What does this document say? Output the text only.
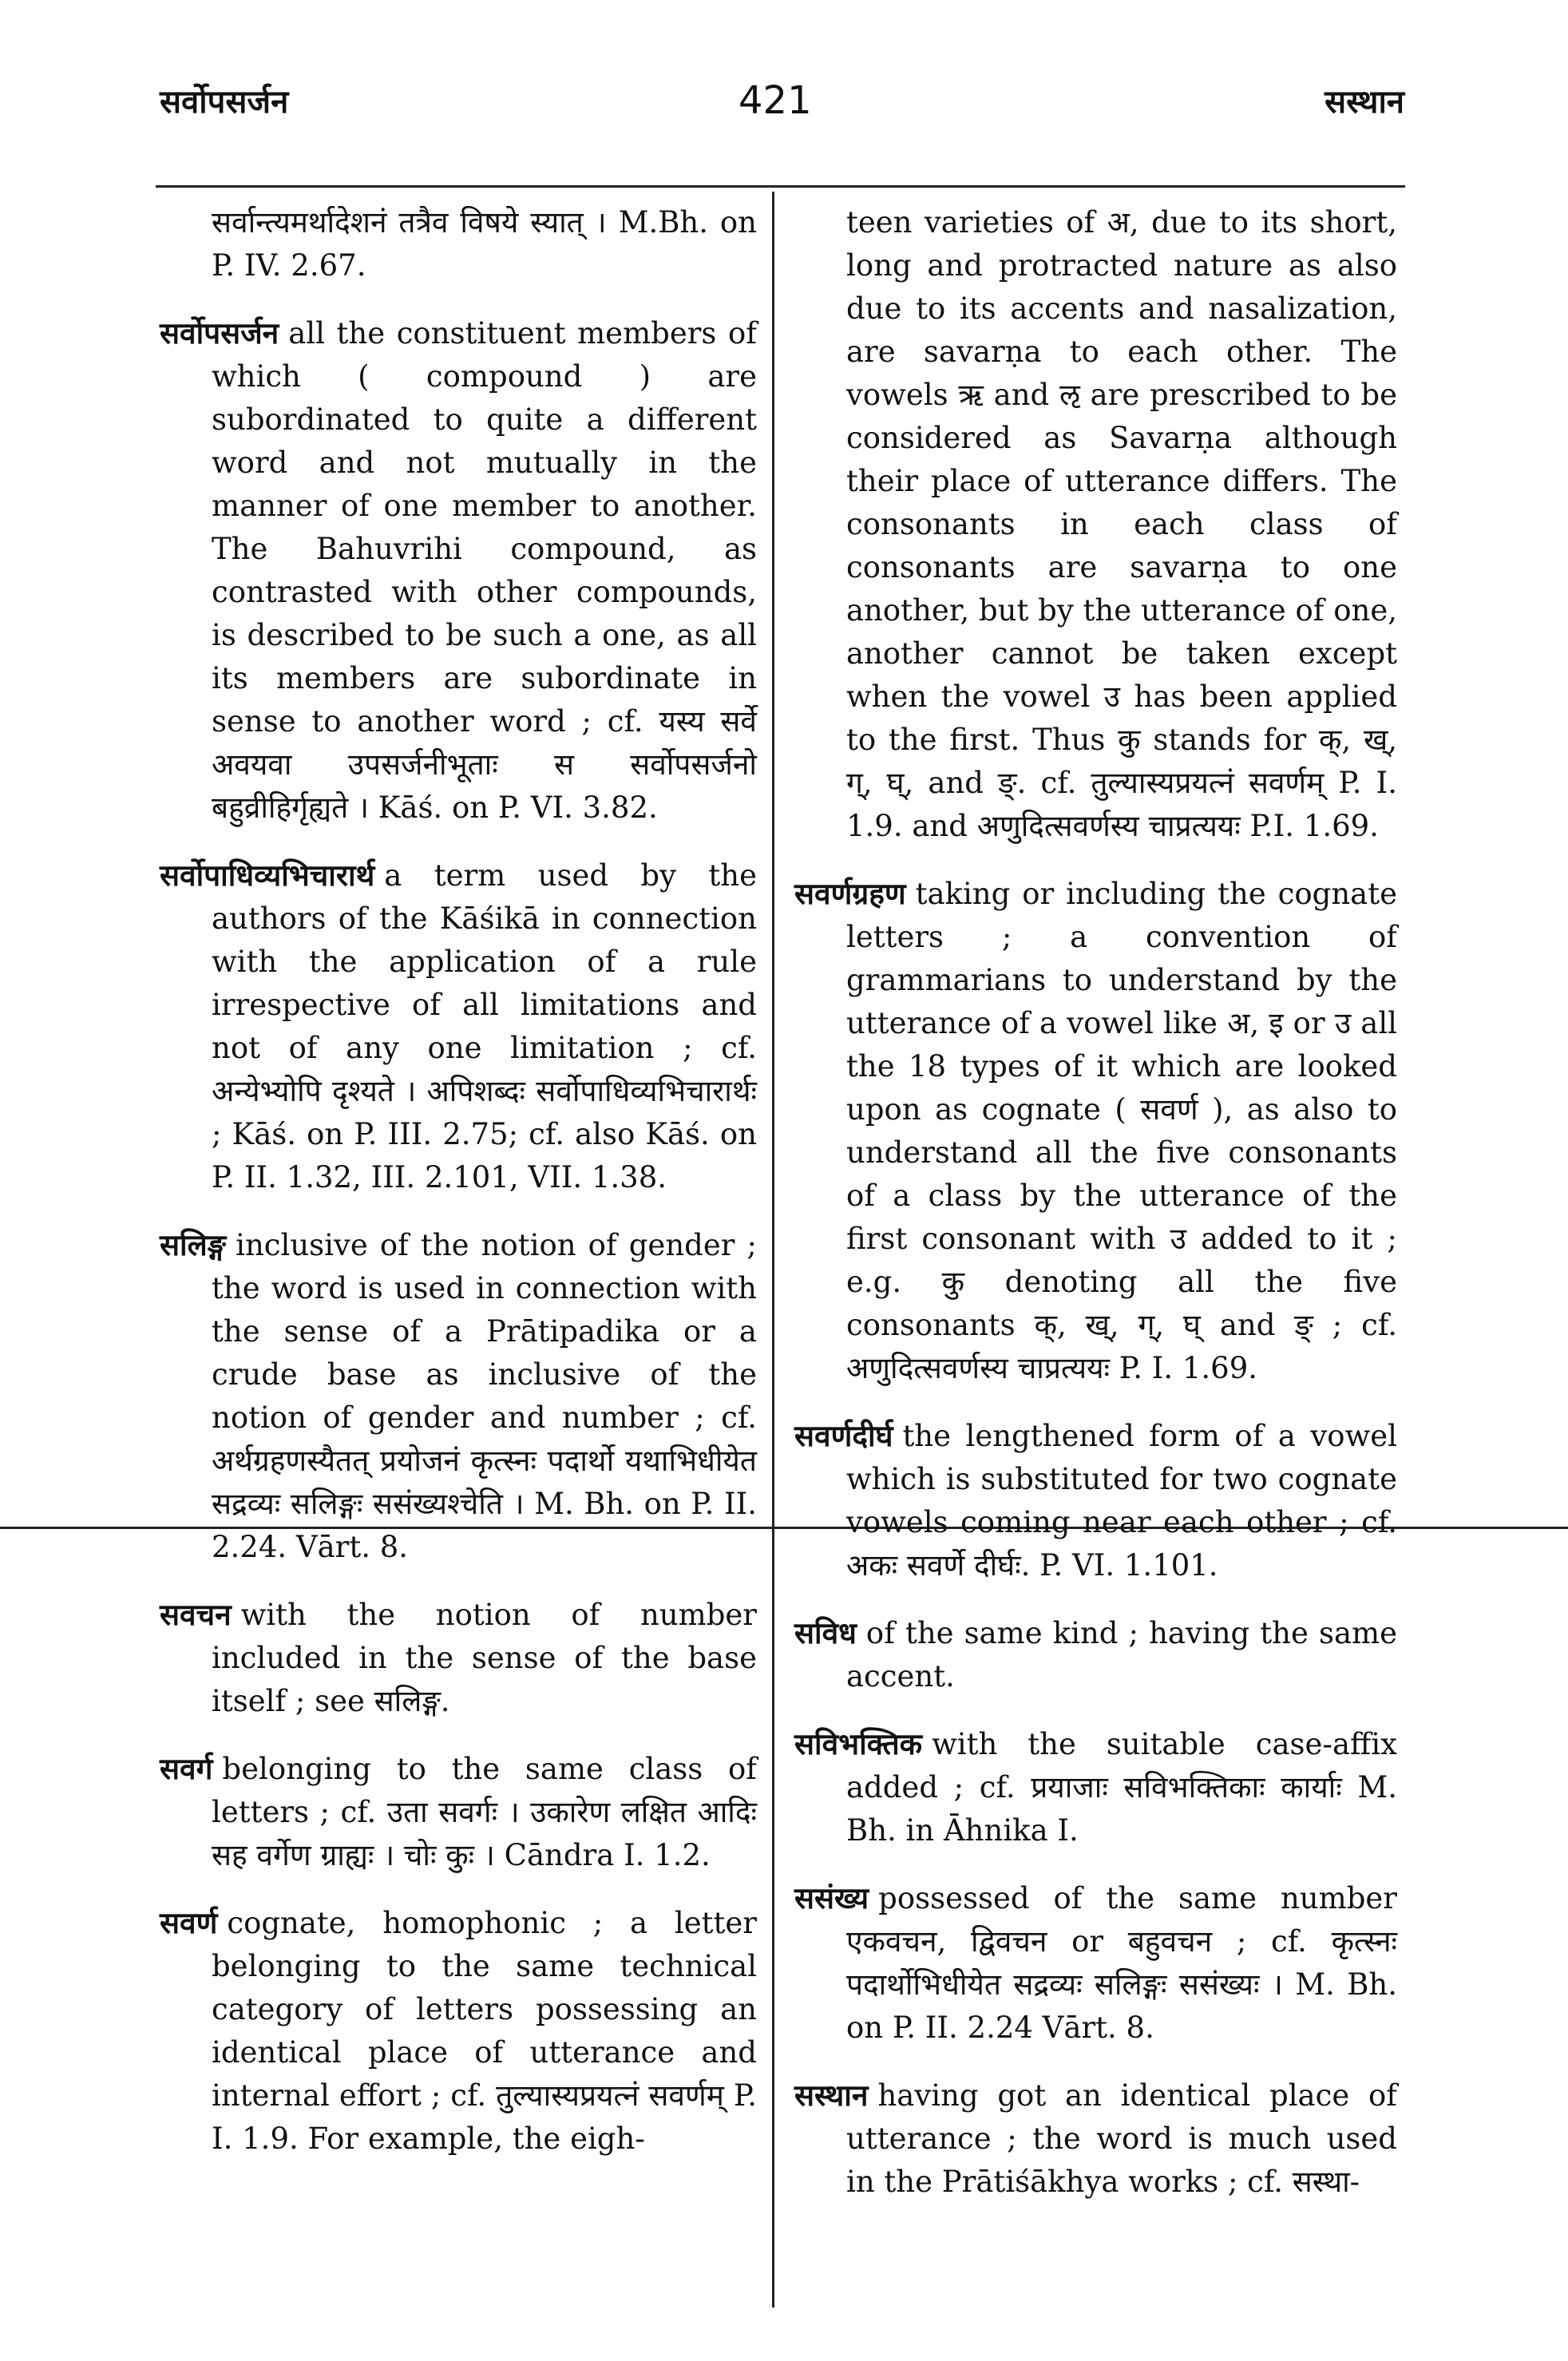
सर्वोपसर्जन	421	सस्थान

सर्वान्त्यमर्थादेशनं तत्रैव विषये स्यात् । M.Bh. on P. IV. 2.67.

सर्वोपसर्जन all the constituent members of which ( compound ) are subordinated to quite a different word and not mutually in the manner of one member to another. The Bahuvrihi compound, as contrasted with other compounds, is described to be such a one, as all its members are subordinate in sense to another word ; cf. यस्य सर्वे अवयवा उपसर्जनीभूताः स सर्वोपसर्जनो बहुव्रीहिर्गृह्यते । Kāś. on P. VI. 3.82.

सर्वोपाधिव्यभिचारार्थ a term used by the authors of the Kāśikā in connection with the application of a rule irrespective of all limitations and not of any one limitation ; cf. अन्येभ्योपि दृश्यते । अपिशब्दः सर्वोपाधिव्यभिचारार्थः ; Kāś. on P. III. 2.75; cf. also Kāś. on P. II. 1.32, III. 2.101, VII. 1.38.

सलिङ्ग inclusive of the notion of gender ; the word is used in connection with the sense of a Prātipadika or a crude base as inclusive of the notion of gender and number ; cf. अर्थग्रहणस्यैतत् प्रयोजनं कृत्स्नः पदार्थो यथाभिधीयेत सद्रव्यः सलिङ्गः ससंख्यश्चेति । M. Bh. on P. II. 2.24. Vārt. 8.

सवचन with the notion of number included in the sense of the base itself ; see सलिङ्ग.

सवर्ग belonging to the same class of letters ; cf. उता सवर्गः । उकारेण लक्षित आदिः सह वर्गेण ग्राह्यः । चोः कुः । Cāndra I. 1.2.

सवर्ण cognate, homophonic ; a letter belonging to the same technical category of letters possessing an identical place of utterance and internal effort ; cf. तुल्यास्यप्रयत्नं सवर्णम् P. I. 1.9. For example, the eigh-

teen varieties of अ, due to its short, long and protracted nature as also due to its accents and nasalization, are savarṇa to each other. The vowels ऋ and ऌ are prescribed to be considered as Savarṇa although their place of utterance differs. The consonants in each class of consonants are savarṇa to one another, but by the utterance of one, another cannot be taken except when the vowel उ has been applied to the first. Thus कु stands for क्, ख्, ग्, घ्, and ङ्. cf. तुल्यास्यप्रयत्नं सवर्णम् P. I. 1.9. and अणुदित्सवर्णस्य चाप्रत्ययः P.I. 1.69.

सवर्णग्रहण taking or including the cognate letters ; a convention of grammarians to understand by the utterance of a vowel like अ, इ or उ all the 18 types of it which are looked upon as cognate ( सवर्ण ), as also to understand all the five consonants of a class by the utterance of the first consonant with उ added to it ; e.g. कु denoting all the five consonants क्, ख्, ग्, घ् and ङ् ; cf. अणुदित्सवर्णस्य चाप्रत्ययः P. I. 1.69.

सवर्णदीर्घ the lengthened form of a vowel which is substituted for two cognate vowels coming near each other ; cf. अकः सवर्णे दीर्घः. P. VI. 1.101.

सविध of the same kind ; having the same accent.

सविभक्तिक with the suitable case-affix added ; cf. प्रयाजाः सविभक्तिकाः कार्याः M. Bh. in Āhnika I.

ससंख्य possessed of the same number एकवचन, द्विवचन or बहुवचन ; cf. कृत्स्नः पदार्थोभिधीयेत सद्रव्यः सलिङ्गः ससंख्यः । M. Bh. on P. II. 2.24 Vārt. 8.

सस्थान having got an identical place of utterance ; the word is much used in the Prātiśākhya works ; cf. सस्था-
